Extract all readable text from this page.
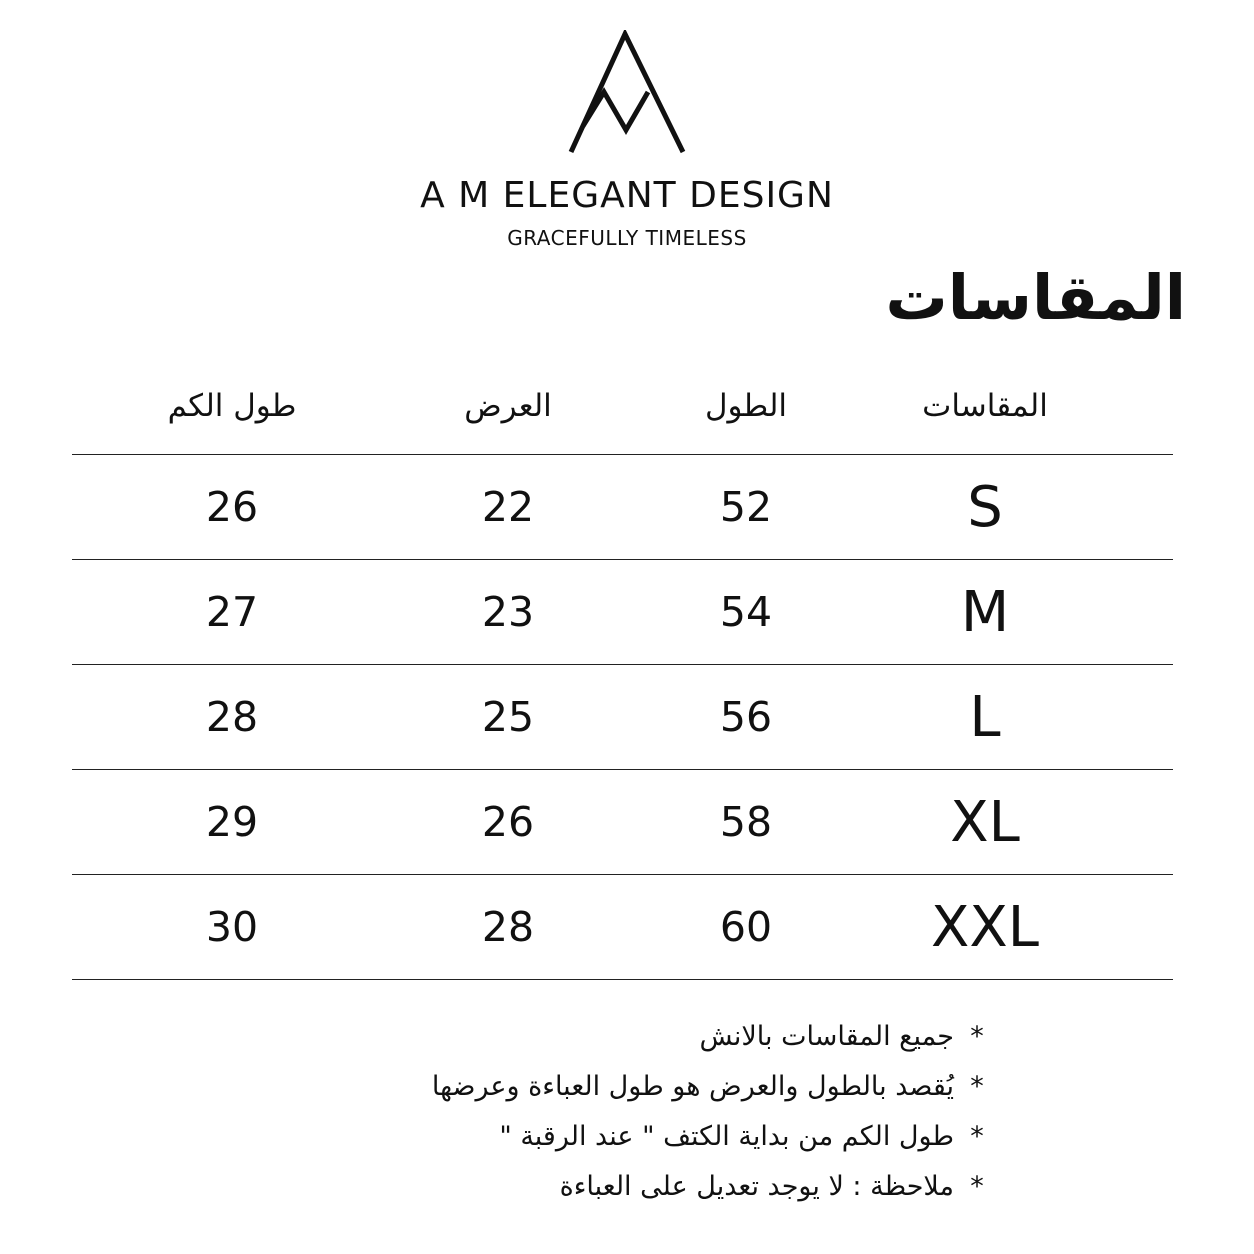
A M ELEGANT DESIGN
GRACEFULLY TIMELESS
المقاسات
المقاسات
الطول
العرض
طول الكم
S
52
22
26
M
54
23
27
L
56
25
28
XL
58
26
29
XXL
60
28
30
*جميع المقاسات بالانش
*يُقصد بالطول والعرض هو طول العباءة وعرضها
*طول الكم من بداية الكتف " عند الرقبة "
*ملاحظة : لا يوجد تعديل على العباءة
